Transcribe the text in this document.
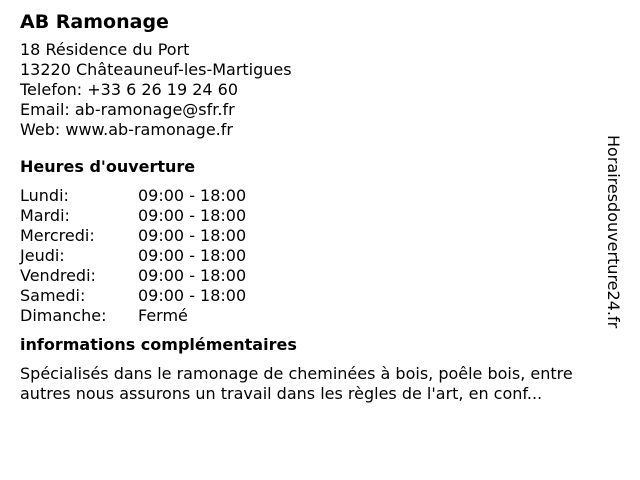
AB Ramonage
18 Résidence du Port
13220 Châteauneuf-les-Martigues
Telefon: +33 6 26 19 24 60
Email: ab-ramonage@sfr.fr
Web: www.ab-ramonage.fr
Heures d'ouverture
Lundi:	09:00 - 18:00
Mardi:	09:00 - 18:00
Mercredi:	09:00 - 18:00
Jeudi:	09:00 - 18:00
Vendredi:	09:00 - 18:00
Samedi:	09:00 - 18:00
Dimanche:	Fermé
informations complémentaires

Spécialisés dans le ramonage de cheminées à bois, poêle bois, entre autres nous assurons un travail dans les règles de l'art, en conf...

Horairesdouverture24.fr
